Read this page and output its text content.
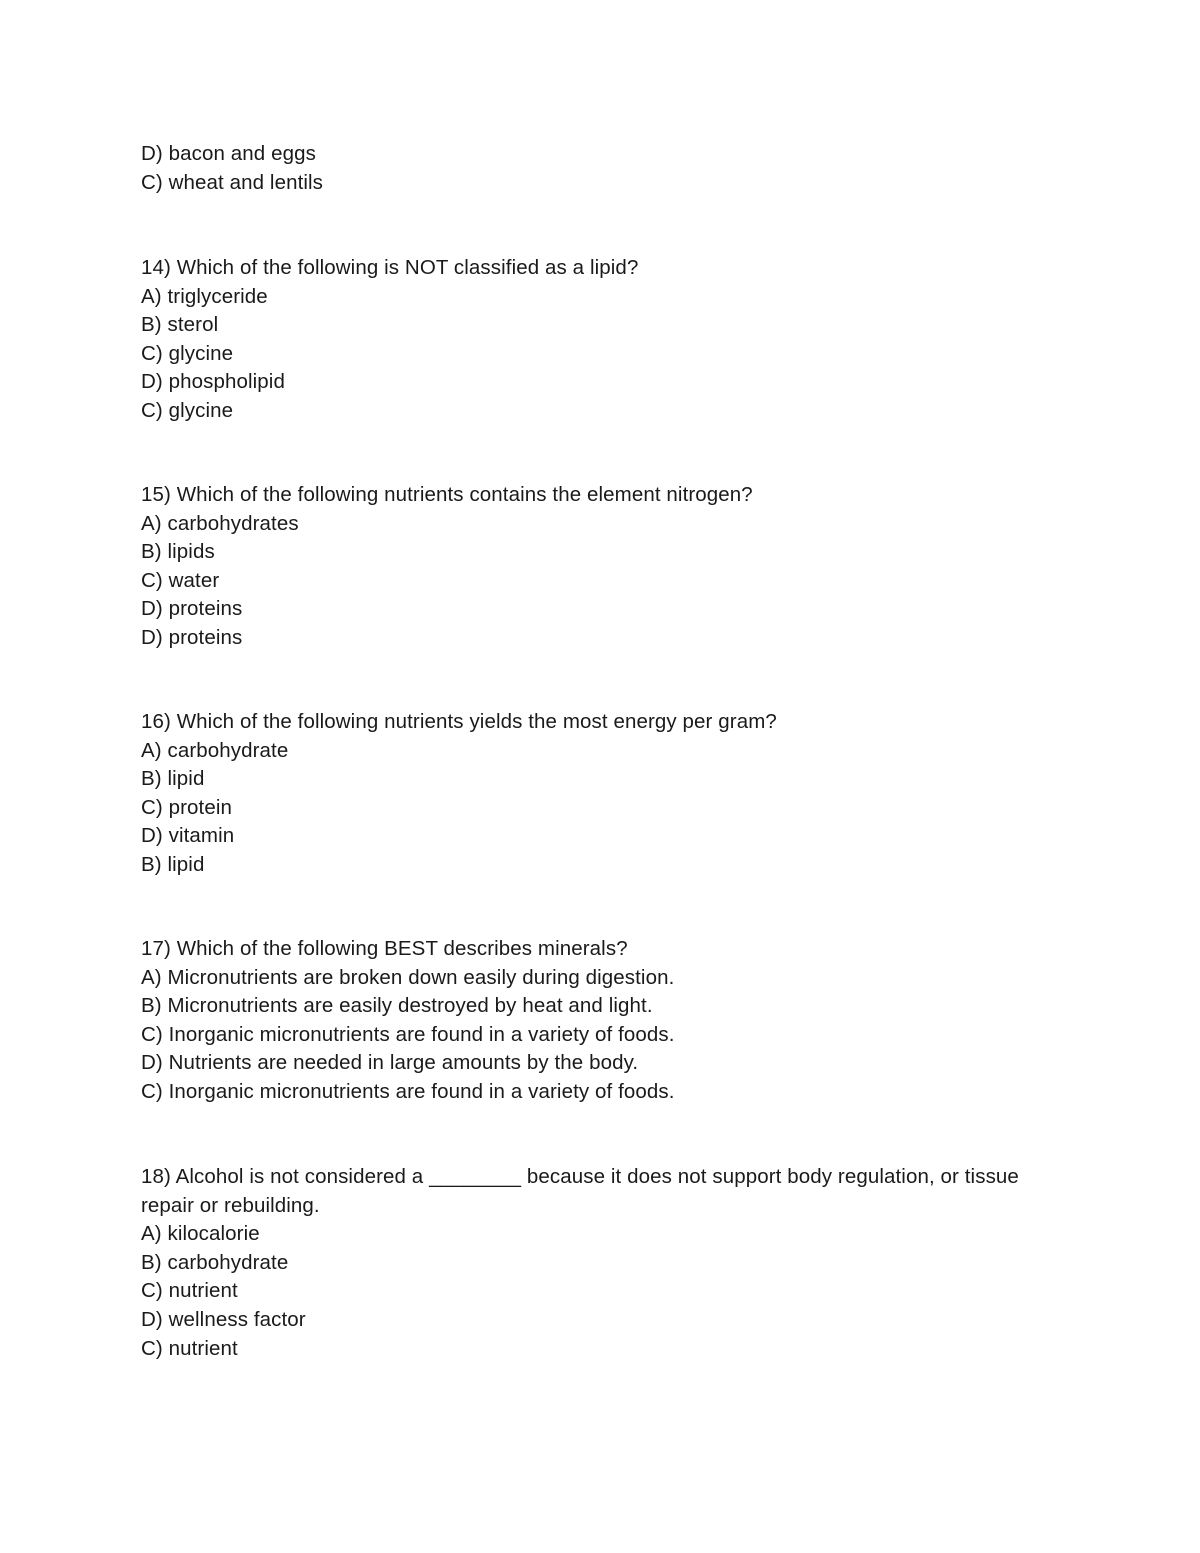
D) bacon and eggs
C) wheat and lentils
14) Which of the following is NOT classified as a lipid?
A) triglyceride
B) sterol
C) glycine
D) phospholipid
C) glycine
15) Which of the following nutrients contains the element nitrogen?
A) carbohydrates
B) lipids
C) water
D) proteins
D) proteins
16) Which of the following nutrients yields the most energy per gram?
A) carbohydrate
B) lipid
C) protein
D) vitamin
B) lipid
17) Which of the following BEST describes minerals?
A) Micronutrients are broken down easily during digestion.
B) Micronutrients are easily destroyed by heat and light.
C) Inorganic micronutrients are found in a variety of foods.
D) Nutrients are needed in large amounts by the body.
C) Inorganic micronutrients are found in a variety of foods.
18) Alcohol is not considered a ________ because it does not support body regulation, or tissue repair or rebuilding.
A) kilocalorie
B) carbohydrate
C) nutrient
D) wellness factor
C) nutrient
